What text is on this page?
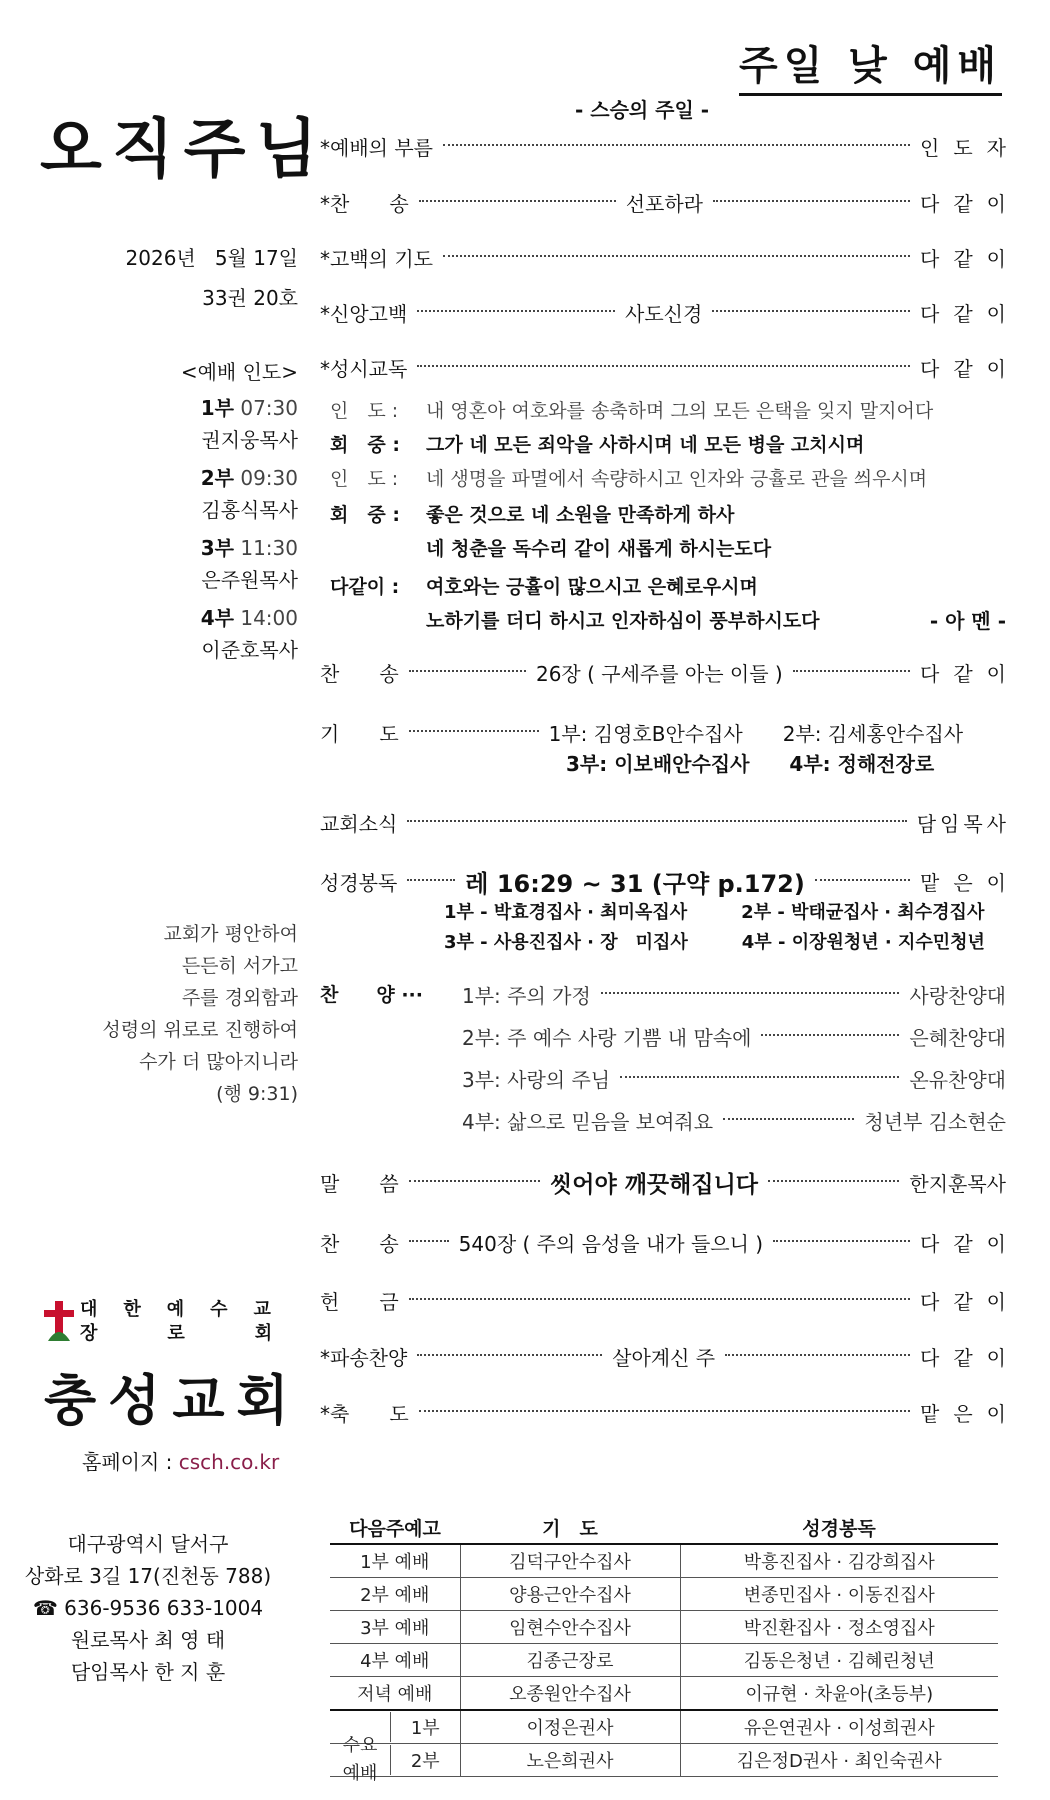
오직주님
2026년   5월 17일
33권 20호
<예배 인도>
1부 07:30
권지웅목사
2부 09:30
김홍식목사
3부 11:30
은주원목사
4부 14:00
이준호목사
교회가 평안하여
든든히 서가고
주를 경외함과
성령의 위로로 진행하여
수가 더 많아지니라
(행 9:31)
대한예수교
장　로　회
충성교회
홈페이지 : csch.co.kr
대구광역시 달서구
상화로 3길 17(진천동 788)
☎ 636-9536 633-1004
원로목사 최 영 태
담임목사 한 지 훈
주일 낮 예배
- 스승의 주일 -
*예배의 부름	인도자
*찬　　송	선포하라	다같이
*고백의 기도	다같이
*신앙고백	사도신경	다같이
*성시교독	다같이
인　도 : 내 영혼아 여호와를 송축하며 그의 모든 은택을 잊지 말지어다
회　중 : 그가 네 모든 죄악을 사하시며 네 모든 병을 고치시며
인　도 : 네 생명을 파멸에서 속량하시고 인자와 긍휼로 관을 씌우시며
회　중 : 좋은 것으로 네 소원을 만족하게 하사
네 청춘을 독수리 같이 새롭게 하시는도다
다같이 : 여호와는 긍휼이 많으시고 은혜로우시며
노하기를 더디 하시고 인자하심이 풍부하시도다	- 아 멘 -
찬　　송	26장 ( 구세주를 아는 이들 )	다같이
기　　도	1부: 김영호B안수집사　　2부: 김세홍안수집사
3부: 이보배안수집사　　4부: 정해전장로
교회소식	담임목사
성경봉독	레 16:29 ~ 31 (구약 p.172)	맡은이
1부 - 박효경집사 · 최미옥집사　　　2부 - 박태균집사 · 최수경집사
3부 - 사용진집사 · 장　미집사　　　4부 - 이장원청년 · 지수민청년
찬　　양 ··· 1부: 주의 가정	사랑찬양대
2부: 주 예수 사랑 기쁨 내 맘속에	은혜찬양대
3부: 사랑의 주님	온유찬양대
4부: 삶으로 믿음을 보여줘요	청년부 김소현순
말　　씀	씻어야 깨끗해집니다	한지훈목사
찬　　송	540장 ( 주의 음성을 내가 들으니 )	다같이
헌　　금	다같이
*파송찬양	살아계신 주	다같이
*축　　도	맡은이
다음주예고	기　도	성경봉독
1부 예배	김덕구안수집사	박흥진집사 · 김강희집사
2부 예배	양용근안수집사	변종민집사 · 이동진집사
3부 예배	임현수안수집사	박진환집사 · 정소영집사
4부 예배	김종근장로	김동은청년 · 김혜린청년
저녁 예배	오종원안수집사	이규현 · 차윤아(초등부)

1부	이정은권사	유은연권사 · 이성희권사

2부	노은희권사	김은정D권사 · 최인숙권사
수요
예배
